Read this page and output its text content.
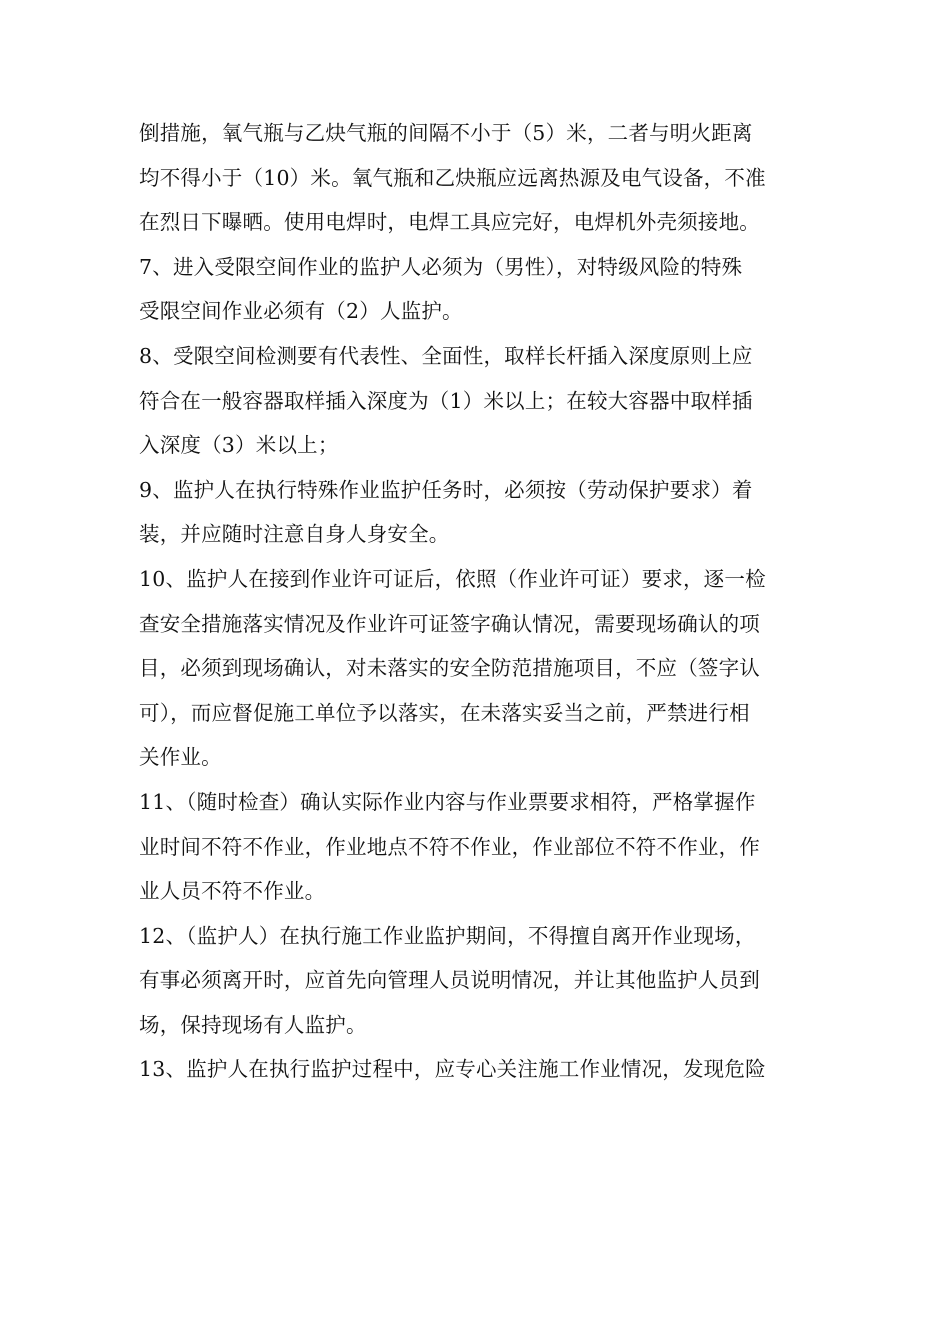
倒措施，氧气瓶与乙炔气瓶的间隔不小于（5）米，二者与明火距离
均不得小于（10）米。氧气瓶和乙炔瓶应远离热源及电气设备，不准
在烈日下曝晒。使用电焊时，电焊工具应完好，电焊机外壳须接地。
7、进入受限空间作业的监护人必须为（男性），对特级风险的特殊
受限空间作业必须有（2）人监护。
8、受限空间检测要有代表性、全面性，取样长杆插入深度原则上应
符合在一般容器取样插入深度为（1）米以上；在较大容器中取样插
入深度（3）米以上；
9、监护人在执行特殊作业监护任务时，必须按（劳动保护要求）着
装，并应随时注意自身人身安全。
10、监护人在接到作业许可证后，依照（作业许可证）要求，逐一检
查安全措施落实情况及作业许可证签字确认情况，需要现场确认的项
目，必须到现场确认，对未落实的安全防范措施项目，不应（签字认
可），而应督促施工单位予以落实，在未落实妥当之前，严禁进行相
关作业。
11、（随时检查）确认实际作业内容与作业票要求相符，严格掌握作
业时间不符不作业，作业地点不符不作业，作业部位不符不作业，作
业人员不符不作业。
12、（监护人）在执行施工作业监护期间，不得擅自离开作业现场，
有事必须离开时，应首先向管理人员说明情况，并让其他监护人员到
场，保持现场有人监护。
13、监护人在执行监护过程中，应专心关注施工作业情况，发现危险
